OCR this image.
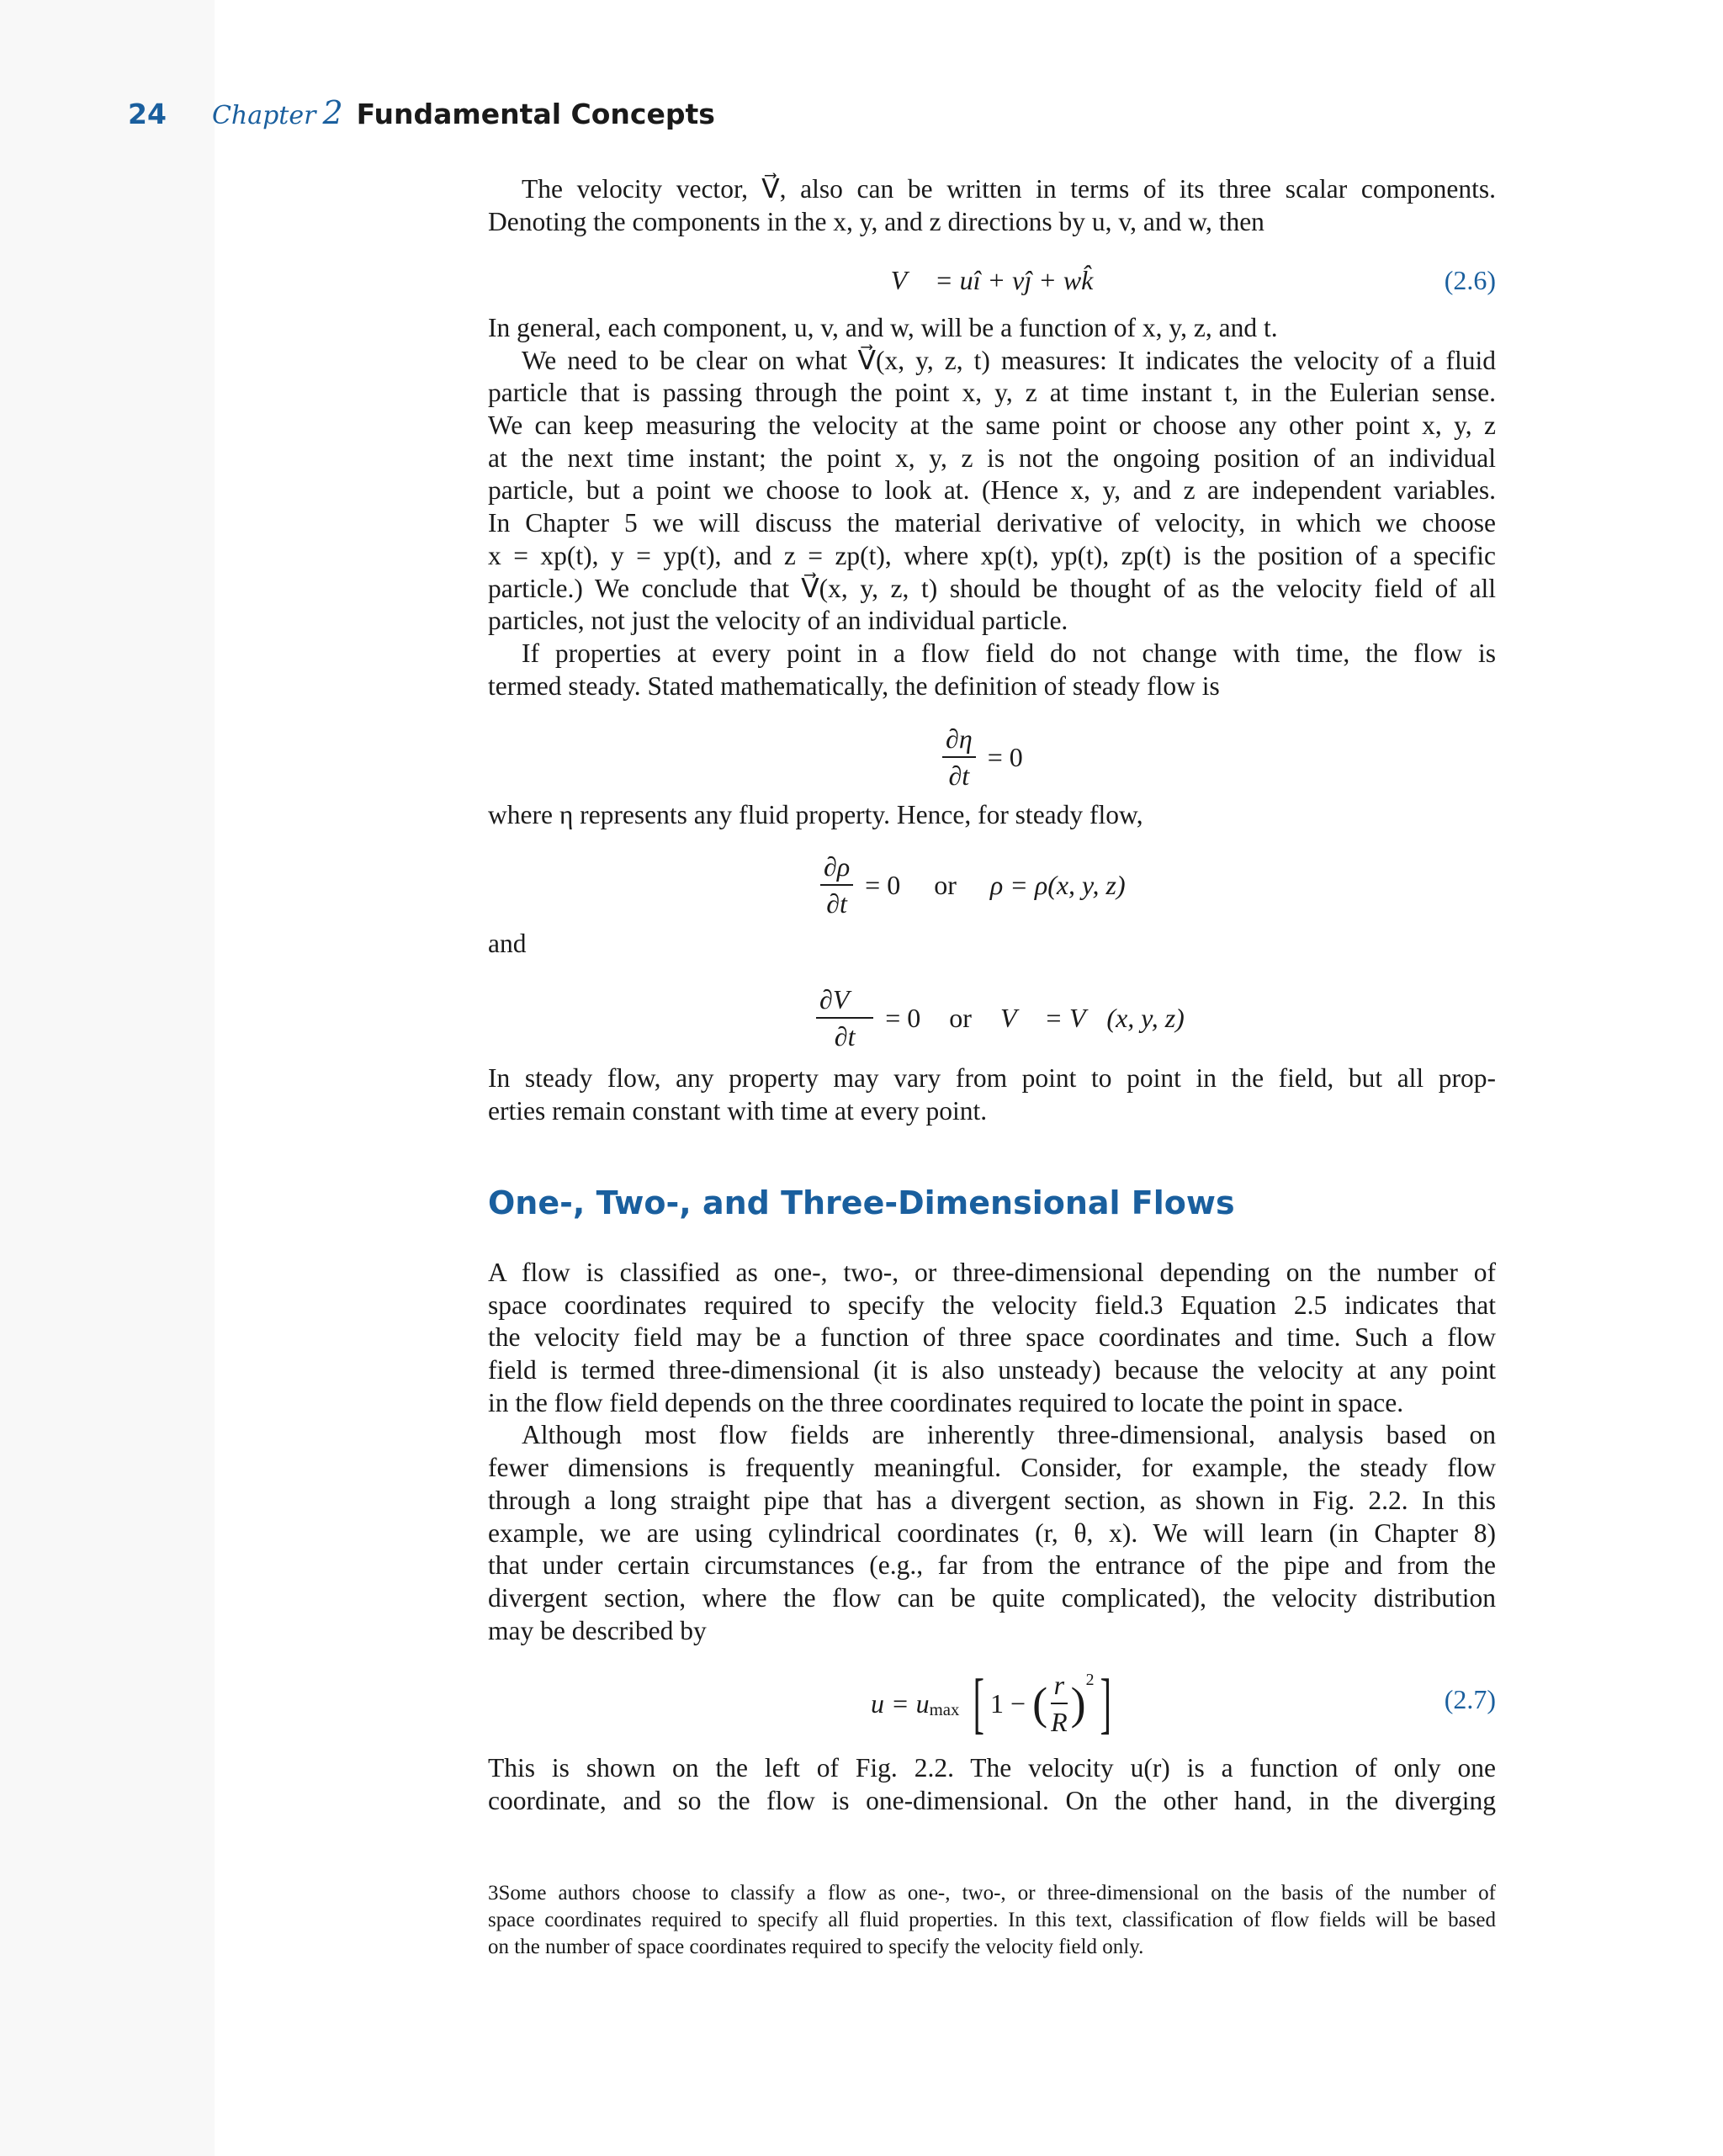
24 Chapter 2 Fundamental Concepts
The velocity vector, V⃗, also can be written in terms of its three scalar components.
Denoting the components in the x, y, and z directions by u, v, and w, then
V⃗ = uî + vĵ + wk̂	(2.6)
In general, each component, u, v, and w, will be a function of x, y, z, and t.
We need to be clear on what V⃗(x, y, z, t) measures: It indicates the velocity of a fluid
particle that is passing through the point x, y, z at time instant t, in the Eulerian sense.
We can keep measuring the velocity at the same point or choose any other point x, y, z
at the next time instant; the point x, y, z is not the ongoing position of an individual
particle, but a point we choose to look at. (Hence x, y, and z are independent variables.
In Chapter 5 we will discuss the material derivative of velocity, in which we choose
x = xp(t), y = yp(t), and z = zp(t), where xp(t), yp(t), zp(t) is the position of a specific
particle.) We conclude that V⃗(x, y, z, t) should be thought of as the velocity field of all
particles, not just the velocity of an individual particle.
If properties at every point in a flow field do not change with time, the flow is
termed steady. Stated mathematically, the definition of steady flow is
$\frac{\partial\eta}{\partial t} = 0$
where η represents any fluid property. Hence, for steady flow,
$\frac{\partial\rho}{\partial t} = 0$ or ρ = ρ(x, y, z)
and
$\frac{\partial V⃗}{\partial t} = 0$ or V⃗ = V⃗(x, y, z)
In steady flow, any property may vary from point to point in the field, but all prop-
erties remain constant with time at every point.
One-, Two-, and Three-Dimensional Flows
A flow is classified as one-, two-, or three-dimensional depending on the number of
space coordinates required to specify the velocity field.3 Equation 2.5 indicates that
the velocity field may be a function of three space coordinates and time. Such a flow
field is termed three-dimensional (it is also unsteady) because the velocity at any point
in the flow field depends on the three coordinates required to locate the point in space.
Although most flow fields are inherently three-dimensional, analysis based on
fewer dimensions is frequently meaningful. Consider, for example, the steady flow
through a long straight pipe that has a divergent section, as shown in Fig. 2.2. In this
example, we are using cylindrical coordinates (r, θ, x). We will learn (in Chapter 8)
that under certain circumstances (e.g., far from the entrance of the pipe and from the
divergent section, where the flow can be quite complicated), the velocity distribution
may be described by
$u = u_{max}$ [ 1 − ( $\frac{r}{R} )^2$ ]	(2.7)
This is shown on the left of Fig. 2.2. The velocity u(r) is a function of only one
coordinate, and so the flow is one-dimensional. On the other hand, in the diverging
3Some authors choose to classify a flow as one-, two-, or three-dimensional on the basis of the number of
space coordinates required to specify all fluid properties. In this text, classification of flow fields will be based
on the number of space coordinates required to specify the velocity field only.
